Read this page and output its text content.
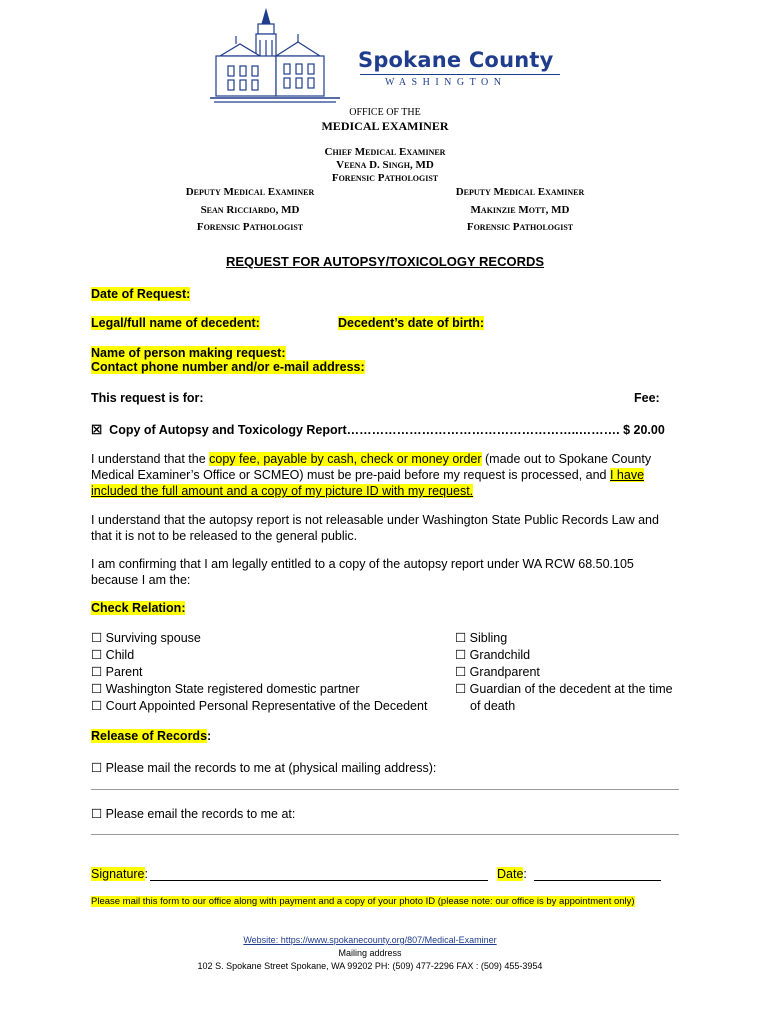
Spokane County
WASHINGTON
OFFICE OF THE
MEDICAL EXAMINER
Chief Medical Examiner
Veena D. Singh, MD
Forensic Pathologist
Deputy Medical Examiner
Sean Ricciardo, MD
Forensic Pathologist
Deputy Medical Examiner
Makinzie Mott, MD
Forensic Pathologist
REQUEST FOR AUTOPSY/TOXICOLOGY RECORDS
Date of Request:
Legal/full name of decedent:	Decedent’s date of birth:
Name of person making request:
Contact phone number and/or e-mail address:
This request is for:	Fee:
☒ Copy of Autopsy and Toxicology Report………………………………………………..………. $ 20.00
I understand that the copy fee, payable by cash, check or money order (made out to Spokane County Medical Examiner’s Office or SCMEO) must be pre-paid before my request is processed, and I have included the full amount and a copy of my picture ID with my request.
I understand that the autopsy report is not releasable under Washington State Public Records Law and that it is not to be released to the general public.
I am confirming that I am legally entitled to a copy of the autopsy report under WA RCW 68.50.105 because I am the:
Check Relation:
☐ Surviving spouse
☐ Child
☐ Parent
☐ Washington State registered domestic partner
☐ Court Appointed Personal Representative of the Decedent
☐ Sibling
☐ Grandchild
☐ Grandparent
☐ Guardian of the decedent at the time
of death
Release of Records:
☐ Please mail the records to me at (physical mailing address):
☐ Please email the records to me at:
Signature:	Date:
Please mail this form to our office along with payment and a copy of your photo ID (please note: our office is by appointment only)
Website: https://www.spokanecounty.org/807/Medical-Examiner
Mailing address
102 S. Spokane Street Spokane, WA 99202 PH: (509) 477-2296 FAX : (509) 455-3954
